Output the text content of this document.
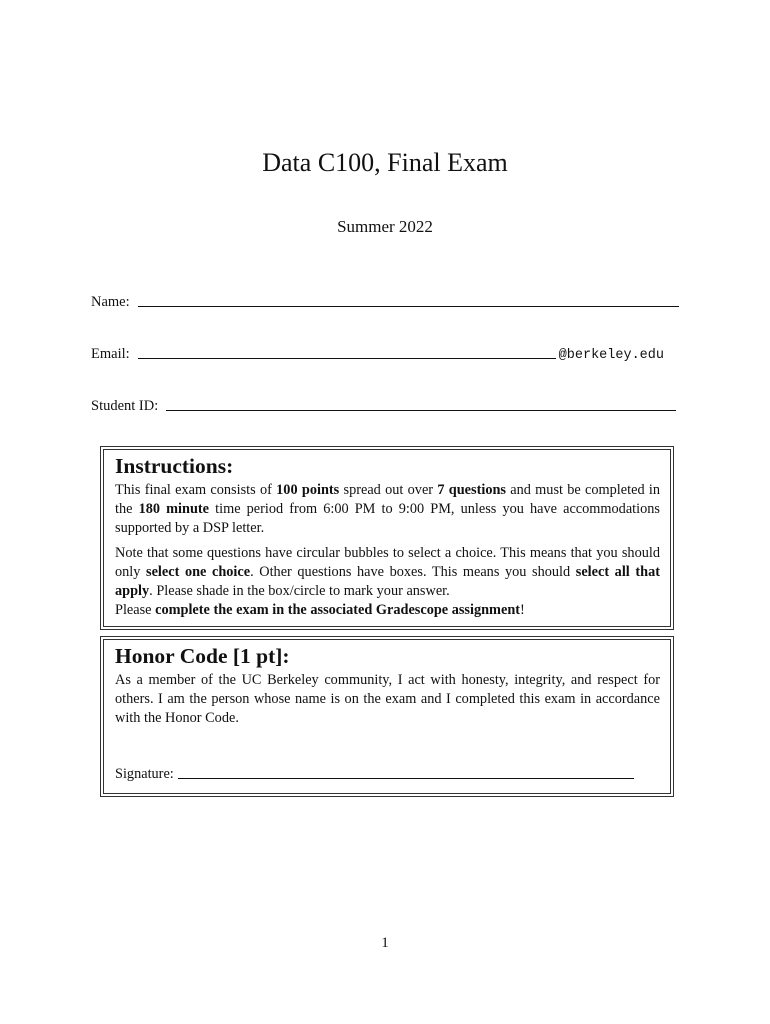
Data C100, Final Exam
Summer 2022
Name:
Email:	@berkeley.edu
Student ID:
Instructions:

This final exam consists of 100 points spread out over 7 questions and must be completed in the 180 minute time period from 6:00 PM to 9:00 PM, unless you have accommodations supported by a DSP letter.

Note that some questions have circular bubbles to select a choice. This means that you should only select one choice. Other questions have boxes. This means you should select all that apply. Please shade in the box/circle to mark your answer.
Please complete the exam in the associated Gradescope assignment!

Honor Code [1 pt]:

As a member of the UC Berkeley community, I act with honesty, integrity, and respect for others. I am the person whose name is on the exam and I completed this exam in accordance with the Honor Code.

Signature:
1
